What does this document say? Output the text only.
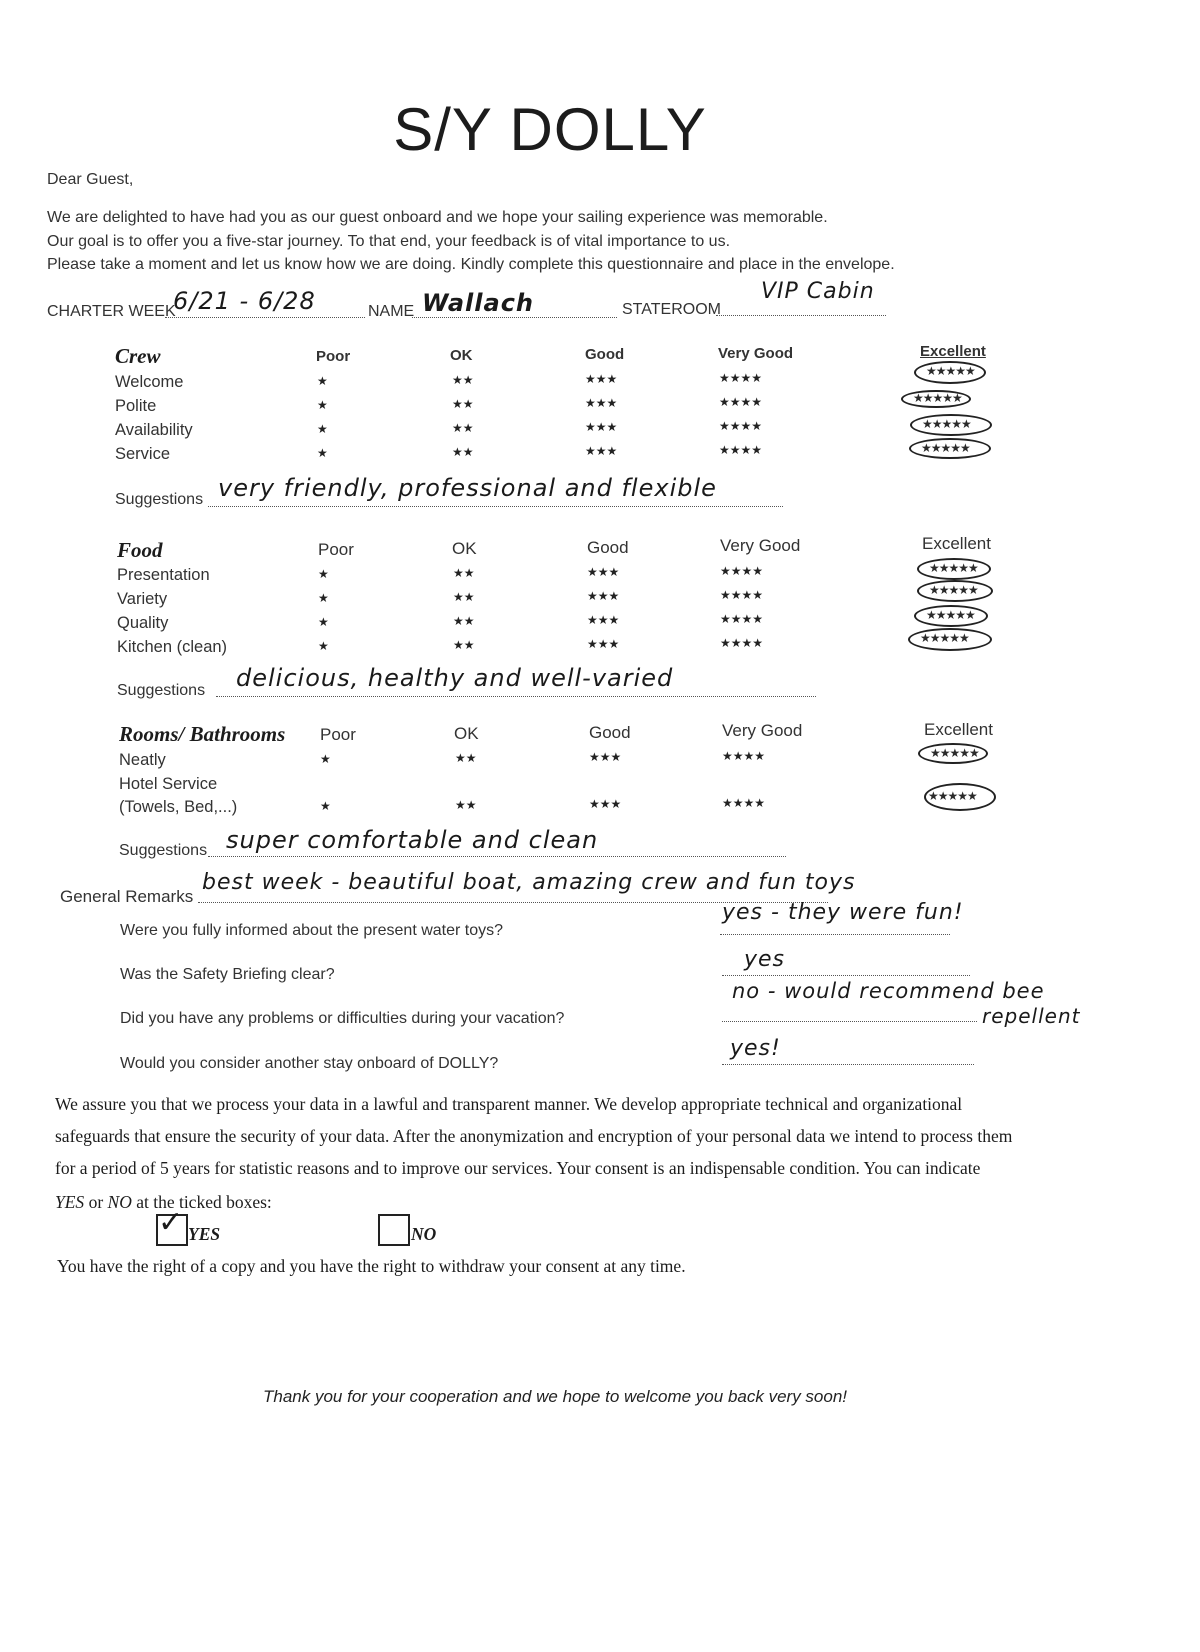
S/Y DOLLY
Dear Guest,
We are delighted to have had you as our guest onboard and we hope your sailing experience was memorable.
Our goal is to offer you a five-star journey. To that end, your feedback is of vital importance to us.
Please take a moment and let us know how we are doing. Kindly complete this questionnaire and place in the envelope.
CHARTER WEEK
6/21 - 6/28	NAME Wallach	STATEROOM
VIP Cabin
Crew	Poor	OK	Good	Very Good	Excellent
Welcome	★	★★	★★★	★★★★	★★★★★
Polite	★	★★	★★★	★★★★	★★★★★
Availability	★	★★	★★★	★★★★	★★★★★
Service	★	★★	★★★	★★★★	★★★★★
Suggestions very friendly, professional and flexible
Food	Poor	OK	Good	Very Good	Excellent
Presentation	★	★★	★★★	★★★★	★★★★★
Variety	★	★★	★★★	★★★★	★★★★★
Quality	★	★★	★★★	★★★★	★★★★★
Kitchen (clean)	★	★★	★★★	★★★★	★★★★★
Suggestions delicious, healthy and well-varied
Rooms/ Bathrooms Poor	OK	Good	Very Good	Excellent
Neatly	★	★★	★★★	★★★★	★★★★★
Hotel Service
(Towels, Bed,...)	★	★★	★★★	★★★★	★★★★★
Suggestions super comfortable and clean
General Remarks
best week - beautiful boat, amazing crew and fun toys
Were you fully informed about the present water toys?
yes - they were fun!
Was the Safety Briefing clear?
yes
Did you have any problems or difficulties during your vacation?
no - would recommend bee
repellent
Would you consider another stay onboard of DOLLY?
yes!
We assure you that we process your data in a lawful and transparent manner. We develop appropriate technical and organizational
safeguards that ensure the security of your data. After the anonymization and encryption of your personal data we intend to process them
for a period of 5 years for statistic reasons and to improve our services. Your consent is an indispensable condition. You can indicate
YES or NO at the ticked boxes:
✓ YES	NO
You have the right of a copy and you have the right to withdraw your consent at any time.
Thank you for your cooperation and we hope to welcome you back very soon!
